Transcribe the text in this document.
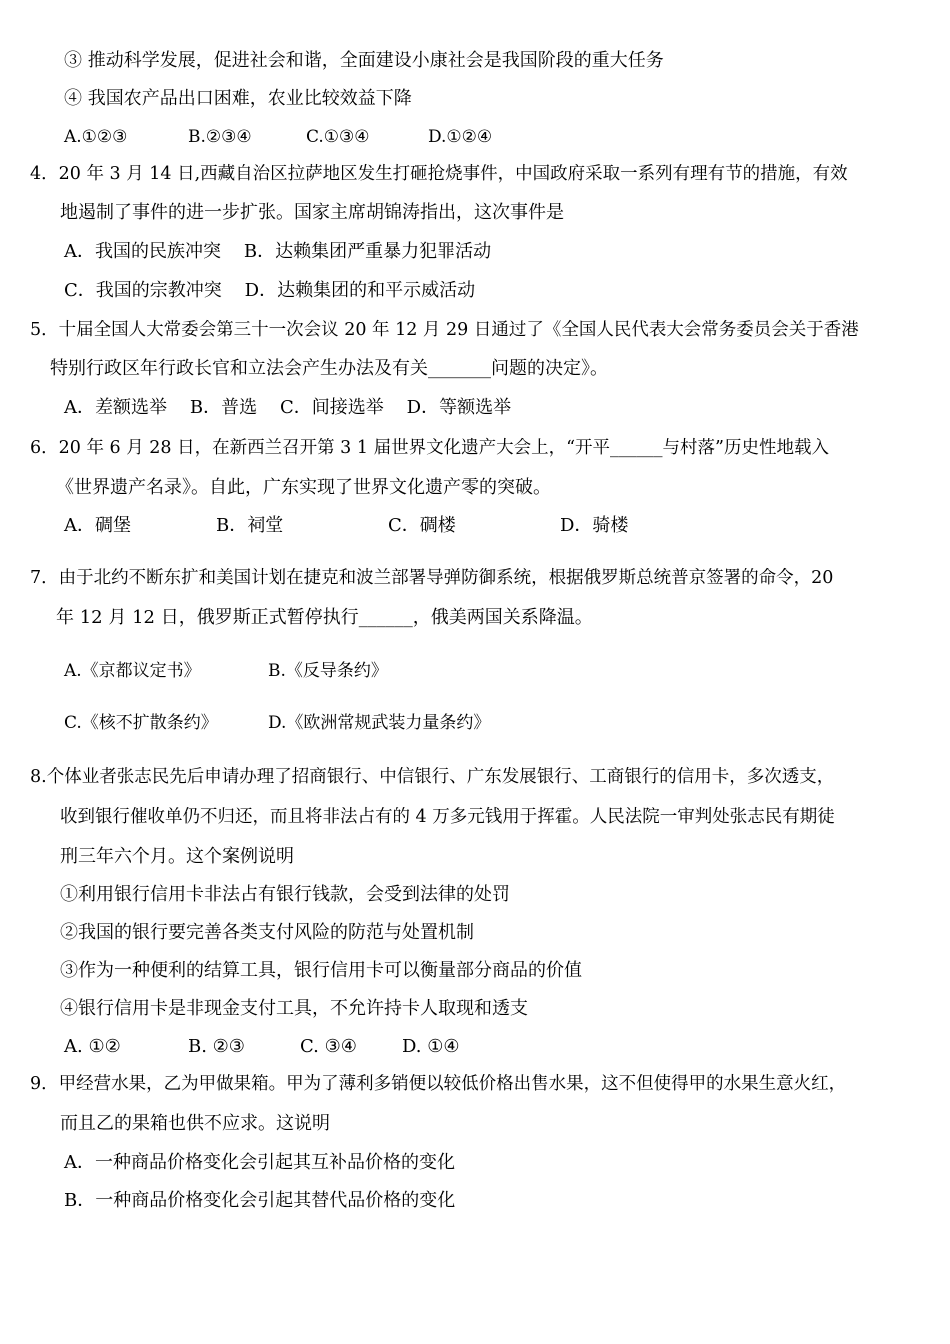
③ 推动科学发展，促进社会和谐，全面建设小康社会是我国阶段的重大任务
④ 我国农产品出口困难，农业比较效益下降
A.①②③	B.②③④	C.①③④	D.①②④
4．20 年 3 月 14 日,西藏自治区拉萨地区发生打砸抢烧事件，中国政府采取一系列有理有节的措施，有效
地遏制了事件的进一步扩张。国家主席胡锦涛指出，这次事件是
A．我国的民族冲突    B．达赖集团严重暴力犯罪活动
C．我国的宗教冲突    D．达赖集团的和平示威活动
5．十届全国人大常委会第三十一次会议 20 年 12 月 29 日通过了《全国人民代表大会常务委员会关于香港
特别行政区年行政长官和立法会产生办法及有关_______问题的决定》。
A．差额选举    B．普选    C．间接选举    D．等额选举
6．20 年 6 月 28 日，在新西兰召开第 3 1 届世界文化遗产大会上，“开平______与村落”历史性地载入
《世界遗产名录》。自此，广东实现了世界文化遗产零的突破。
A．碉堡	B．祠堂	C．碉楼	D．骑楼
7．由于北约不断东扩和美国计划在捷克和波兰部署导弹防御系统，根据俄罗斯总统普京签署的命令，20
年 12 月 12 日，俄罗斯正式暂停执行______，俄美两国关系降温。
A.《京都议定书》	B.《反导条约》
C.《核不扩散条约》	D.《欧洲常规武装力量条约》
8.个体业者张志民先后申请办理了招商银行、中信银行、广东发展银行、工商银行的信用卡，多次透支，
收到银行催收单仍不归还，而且将非法占有的 4 万多元钱用于挥霍。人民法院一审判处张志民有期徒
刑三年六个月。这个案例说明
①利用银行信用卡非法占有银行钱款，会受到法律的处罚
②我国的银行要完善各类支付风险的防范与处置机制
③作为一种便利的结算工具，银行信用卡可以衡量部分商品的价值
④银行信用卡是非现金支付工具，不允许持卡人取现和透支
A. ①②	B. ②③	C. ③④	D. ①④
9．甲经营水果，乙为甲做果箱。甲为了薄利多销便以较低价格出售水果，这不但使得甲的水果生意火红，
而且乙的果箱也供不应求。这说明
A．一种商品价格变化会引起其互补品价格的变化
B．一种商品价格变化会引起其替代品价格的变化
